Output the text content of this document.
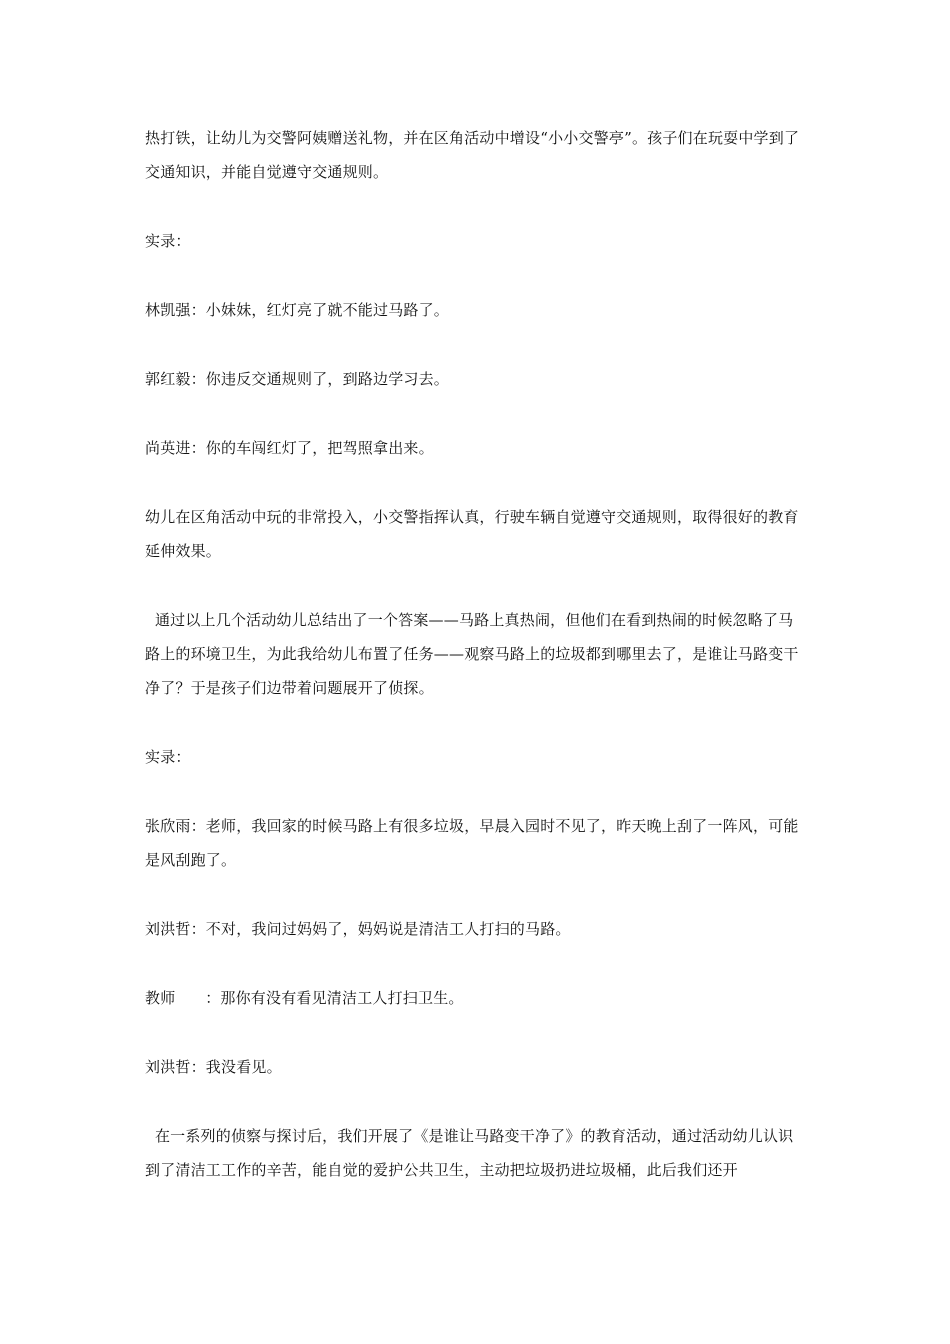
热打铁，让幼儿为交警阿姨赠送礼物，并在区角活动中增设“小小交警亭”。孩子们在玩耍中学到了交通知识，并能自觉遵守交通规则。

实录：

林凯强：小妹妹，红灯亮了就不能过马路了。

郭红毅：你违反交通规则了，到路边学习去。

尚英进：你的车闯红灯了，把驾照拿出来。

幼儿在区角活动中玩的非常投入，小交警指挥认真，行驶车辆自觉遵守交通规则，取得很好的教育延伸效果。

通过以上几个活动幼儿总结出了一个答案——马路上真热闹，但他们在看到热闹的时候忽略了马路上的环境卫生，为此我给幼儿布置了任务——观察马路上的垃圾都到哪里去了，是谁让马路变干净了？于是孩子们边带着问题展开了侦探。

实录：

张欣雨：老师，我回家的时候马路上有很多垃圾，早晨入园时不见了，昨天晚上刮了一阵风，可能是风刮跑了。

刘洪哲：不对，我问过妈妈了，妈妈说是清洁工人打扫的马路。

教师      ：那你有没有看见清洁工人打扫卫生。

刘洪哲：我没看见。

在一系列的侦察与探讨后，我们开展了《是谁让马路变干净了》的教育活动，通过活动幼儿认识到了清洁工工作的辛苦，能自觉的爱护公共卫生，主动把垃圾扔进垃圾桶，此后我们还开
